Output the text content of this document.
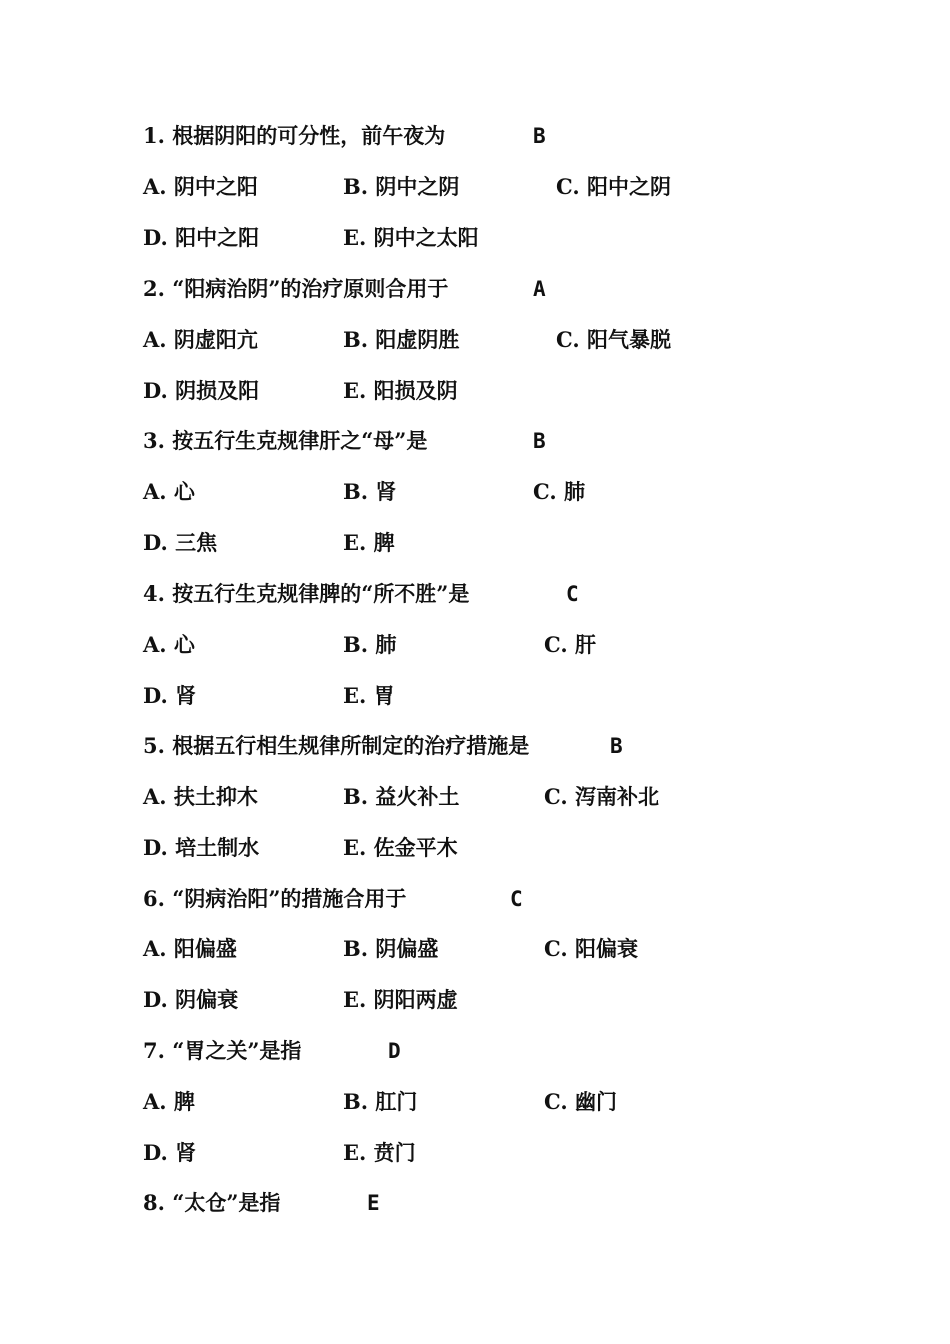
1. 根据阴阳的可分性，前午夜为	B
A. 阴中之阳	B. 阴中之阴	C. 阳中之阴
D. 阳中之阳	E. 阴中之太阳
2. “阳病治阴”的治疗原则合用于	A
A. 阴虚阳亢	B. 阳虚阴胜	C. 阳气暴脱
D. 阴损及阳	E. 阳损及阴
3. 按五行生克规律肝之“母”是	B
A. 心	B. 肾	C. 肺
D. 三焦	E. 脾
4. 按五行生克规律脾的“所不胜”是	C
A. 心	B. 肺	C. 肝
D. 肾	E. 胃
5. 根据五行相生规律所制定的治疗措施是	B
A. 扶土抑木	B. 益火补土	C. 泻南补北
D. 培土制水	E. 佐金平木
6. “阴病治阳”的措施合用于	C
A. 阳偏盛	B. 阴偏盛	C. 阳偏衰
D. 阴偏衰	E. 阴阳两虚
7. “胃之关”是指	D
A. 脾	B. 肛门	C. 幽门
D. 肾	E. 贲门
8. “太仓”是指	E
